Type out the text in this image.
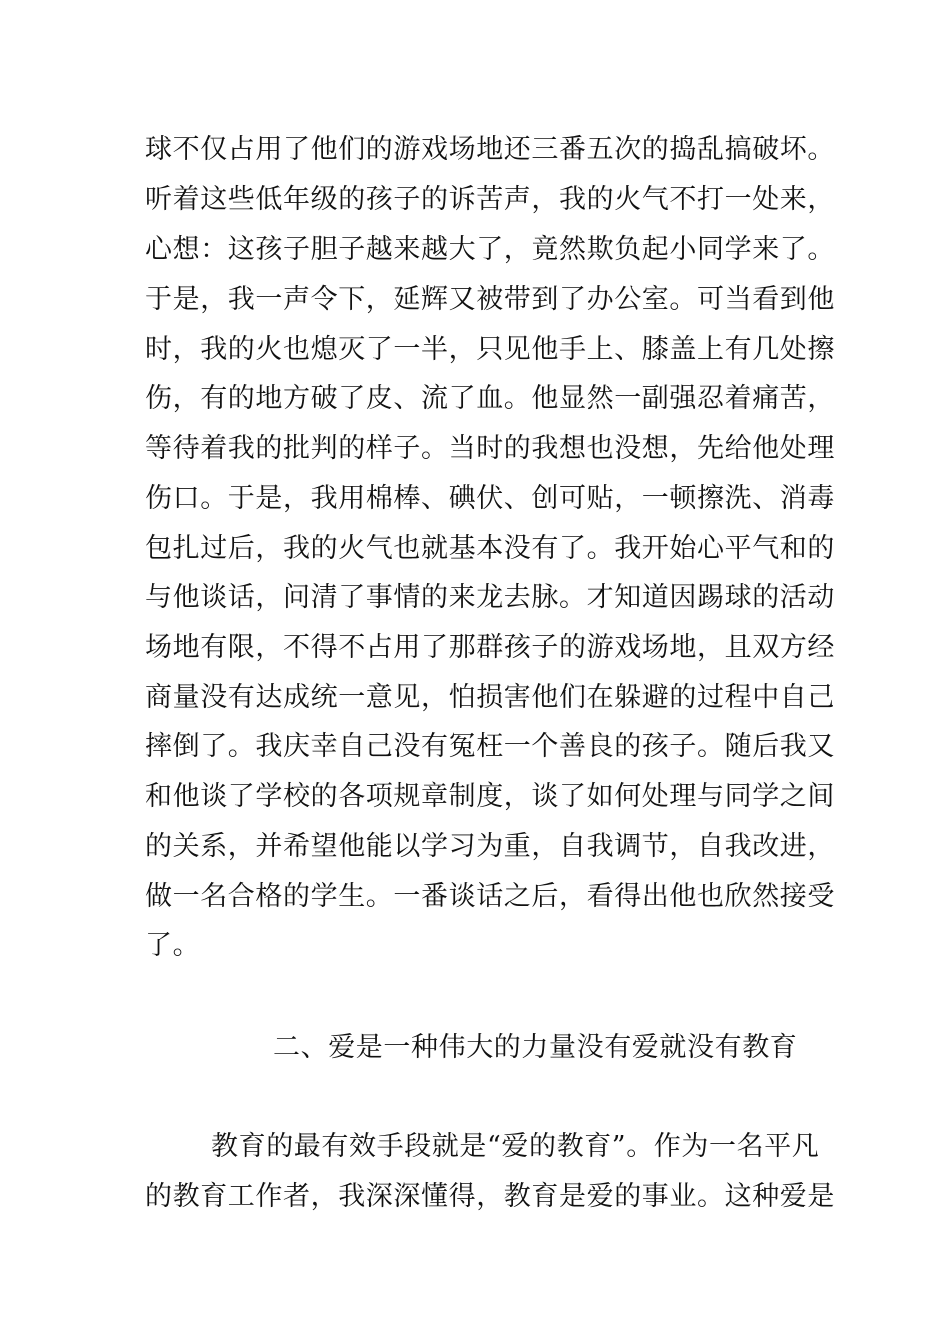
球不仅占用了他们的游戏场地还三番五次的捣乱搞破坏。
听着这些低年级的孩子的诉苦声，我的火气不打一处来，
心想：这孩子胆子越来越大了，竟然欺负起小同学来了。
于是，我一声令下，延辉又被带到了办公室。可当看到他
时，我的火也熄灭了一半，只见他手上、膝盖上有几处擦
伤，有的地方破了皮、流了血。他显然一副强忍着痛苦，
等待着我的批判的样子。当时的我想也没想，先给他处理
伤口。于是，我用棉棒、碘伏、创可贴，一顿擦洗、消毒
包扎过后，我的火气也就基本没有了。我开始心平气和的
与他谈话，问清了事情的来龙去脉。才知道因踢球的活动
场地有限，不得不占用了那群孩子的游戏场地，且双方经
商量没有达成统一意见，怕损害他们在躲避的过程中自己
摔倒了。我庆幸自己没有冤枉一个善良的孩子。随后我又
和他谈了学校的各项规章制度，谈了如何处理与同学之间
的关系，并希望他能以学习为重，自我调节，自我改进，
做一名合格的学生。一番谈话之后，看得出他也欣然接受
了。
二、爱是一种伟大的力量没有爱就没有教育
教育的最有效手段就是“爱的教育”。作为一名平凡
的教育工作者，我深深懂得，教育是爱的事业。这种爱是
